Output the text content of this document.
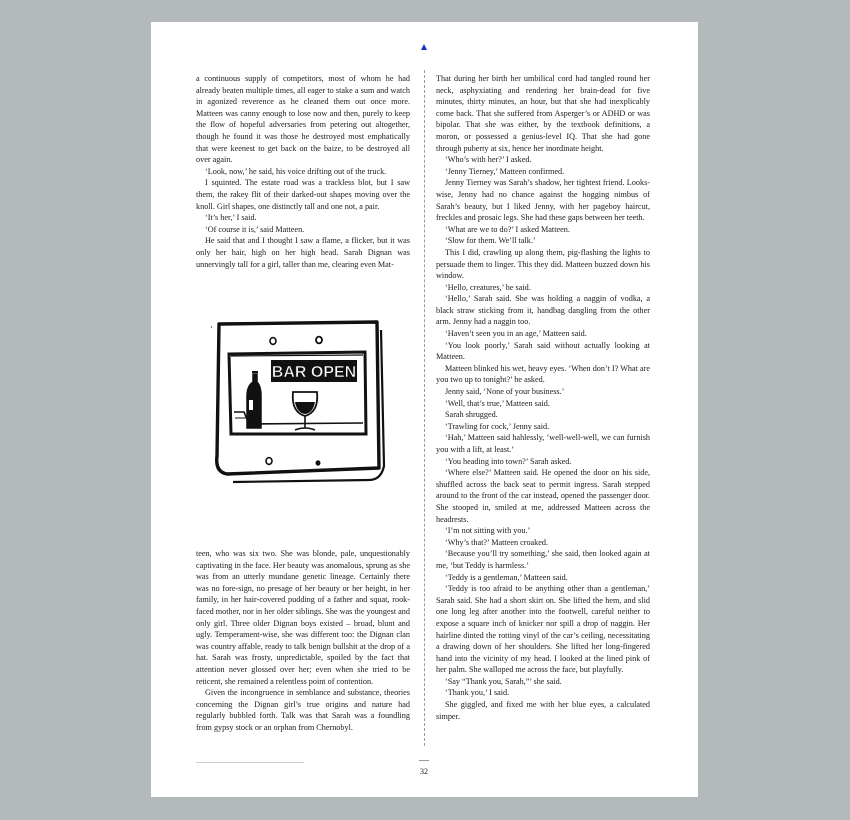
a continuous supply of competitors, most of whom he had already beaten multiple times, all eager to stake a sum and watch in agonized reverence as he cleaned them out once more. Matteen was canny enough to lose now and then, purely to keep the flow of hopeful adversaries from petering out altogether, though he found it was those he destroyed most emphatically that were keenest to get back on the baize, to be destroyed all over again.

‘Look, now,’ he said, his voice drifting out of the truck.

I squinted. The estate road was a trackless blot, but I saw them, the rakey flit of their darked-out shapes moving over the knoll. Girl shapes, one distinctly tall and one not, a pair.

‘It’s her,’ I said.

‘Of course it is,’ said Matteen.

He said that and I thought I saw a flame, a flicker, but it was only her hair, high on her high head. Sarah Dignan was unnervingly tall for a girl, taller than me, clearing even Mat-

BAR OPEN

teen, who was six two. She was blonde, pale, unquestionably captivating in the face. Her beauty was anomalous, sprung as she was from an utterly mundane genetic lineage. Certainly there was no fore-sign, no presage of her beauty or her height, in her family, in her hair-covered pudding of a father and squat, rook-faced mother, nor in her older siblings. She was the youngest and only girl. Three older Dignan boys existed – broad, blunt and ugly. Temperament-wise, she was different too: the Dignan clan was country affable, ready to talk benign bullshit at the drop of a hat. Sarah was frosty, unpredictable, spoiled by the fact that attention never glossed over her; even when she tried to be reticent, she remained a relentless point of contention.

Given the incongruence in semblance and substance, theories concerning the Dignan girl’s true origins and nature had regularly bubbled forth. Talk was that Sarah was a foundling from gypsy stock or an orphan from Chernobyl.

That during her birth her umbilical cord had tangled round her neck, asphyxiating and rendering her brain-dead for five minutes, thirty minutes, an hour, but that she had inexplicably come back. That she suffered from Asperger’s or ADHD or was bipolar. That she was either, by the textbook definitions, a moron, or possessed a genius-level IQ. That she had gone through puberty at six, hence her inordinate height.

‘Who’s with her?’ I asked.

‘Jenny Tierney,’ Matteen confirmed.

Jenny Tierney was Sarah’s shadow, her tightest friend. Looks-wise, Jenny had no chance against the hogging nimbus of Sarah’s beauty, but I liked Jenny, with her pageboy haircut, freckles and prosaic legs. She had these gaps between her teeth.

‘What are we to do?’ I asked Matteen.

‘Slow for them. We’ll talk.’

This I did, crawling up along them, pig-flashing the lights to persuade them to linger. This they did. Matteen buzzed down his window.

‘Hello, creatures,’ he said.

‘Hello,’ Sarah said. She was holding a naggin of vodka, a black straw sticking from it, handbag dangling from the other arm. Jenny had a naggin too.

‘Haven’t seen you in an age,’ Matteen said.

‘You look poorly,’ Sarah said without actually looking at Matteen.

Matteen blinked his wet, heavy eyes. ‘When don’t I? What are you two up to tonight?’ he asked.

Jenny said, ‘None of your business.’

‘Well, that’s true,’ Matteen said.

Sarah shrugged.

‘Trawling for cock,’ Jenny said.

‘Hah,’ Matteen said hahlessly, ‘well-well-well, we can furnish you with a lift, at least.’

‘You heading into town?’ Sarah asked.

‘Where else?’ Matteen said. He opened the door on his side, shuffled across the back seat to permit ingress. Sarah stepped around to the front of the car instead, opened the passenger door. She stooped in, smiled at me, addressed Matteen across the headrests.

‘I’m not sitting with you.’

‘Why’s that?’ Matteen croaked.

‘Because you’ll try something,’ she said, then looked again at me, ‘but Teddy is harmless.’

‘Teddy is a gentleman,’ Matteen said.

‘Teddy is too afraid to be anything other than a gentleman,’ Sarah said. She had a short skirt on. She lifted the hem, and slid one long leg after another into the footwell, careful neither to expose a square inch of knicker nor spill a drop of naggin. Her hairline dinted the rotting vinyl of the car’s ceiling, necessitating a drawing down of her shoulders. She lifted her long-fingered hand into the vicinity of my head. I looked at the lined pink of her palm. She walloped me across the face, but playfully.

‘Say “Thank you, Sarah,”’ she said.

‘Thank you,’ I said.

She giggled, and fixed me with her blue eyes, a calculated simper.

32
